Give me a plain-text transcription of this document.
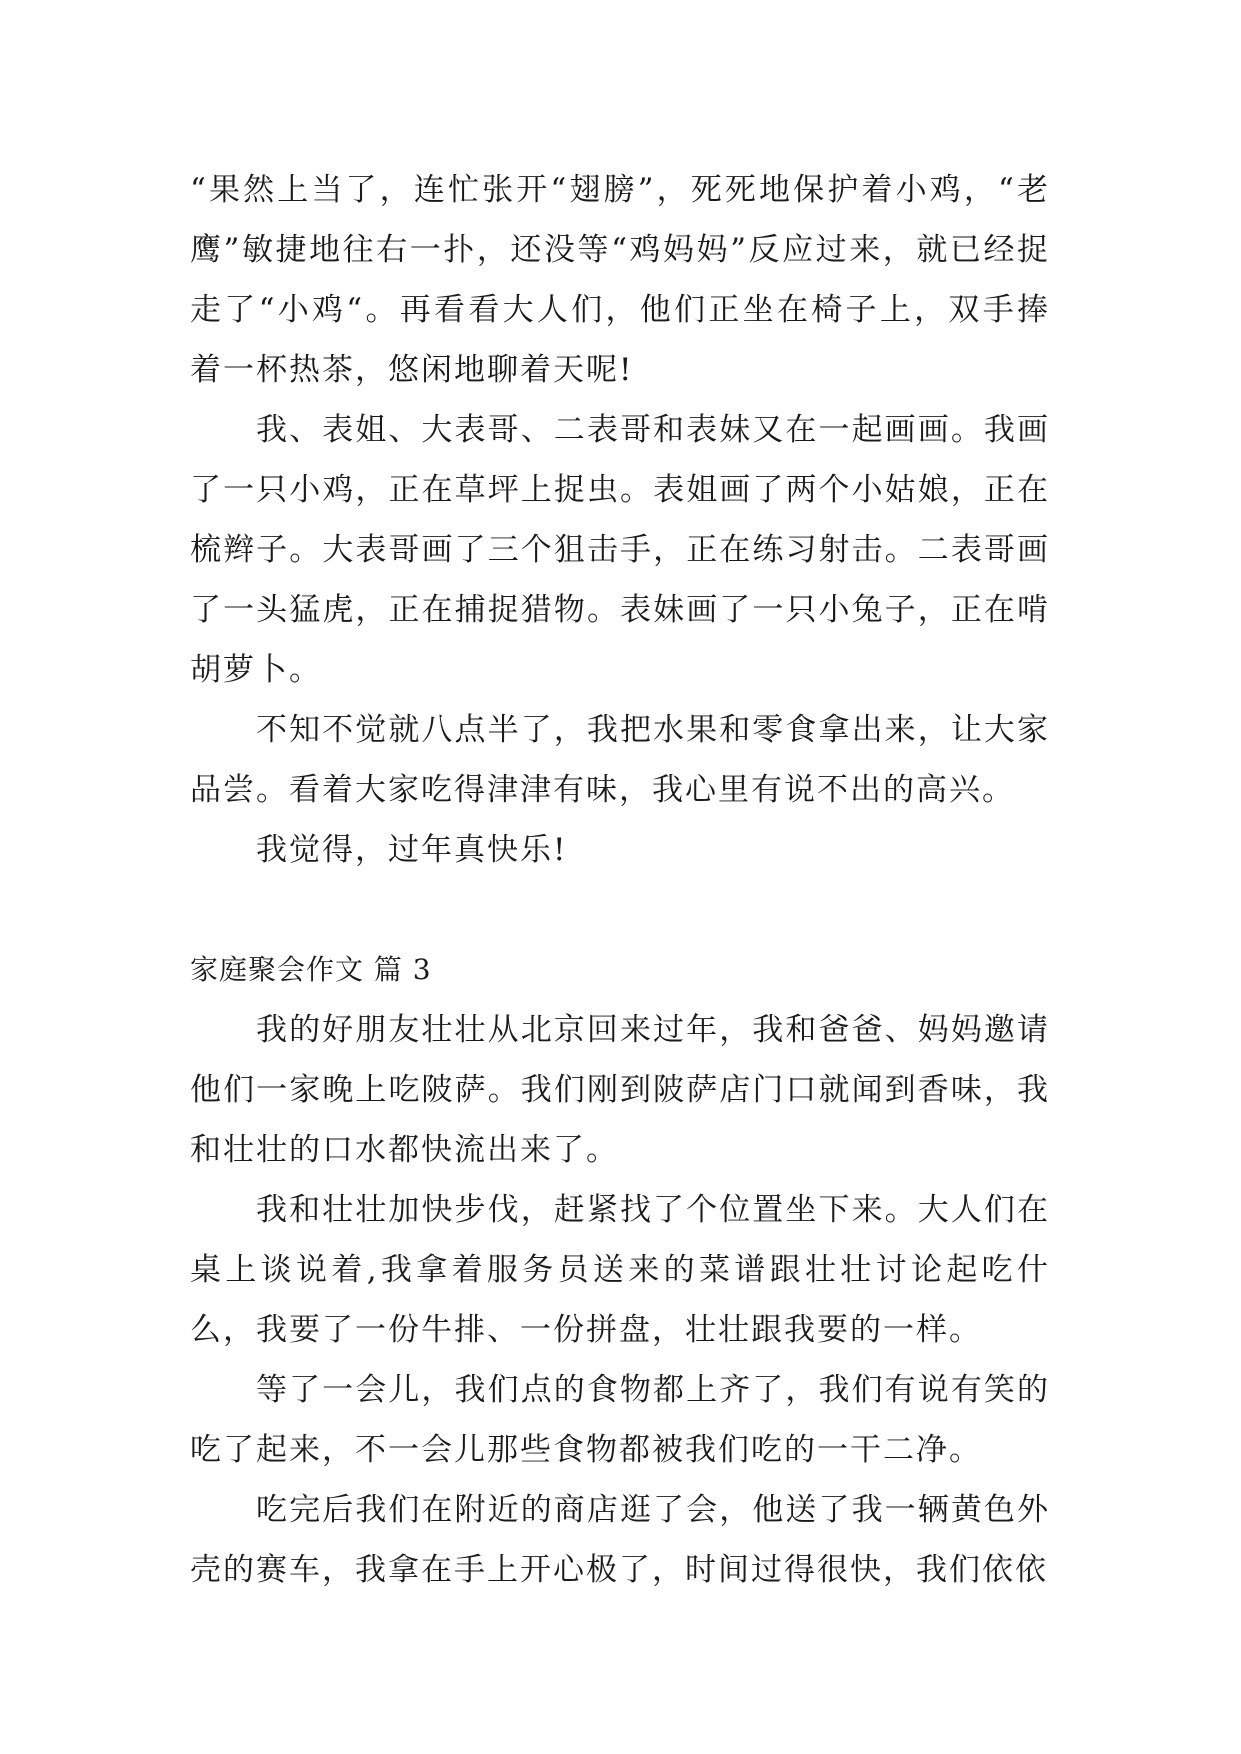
“果然上当了，连忙张开“翅膀”，死死地保护着小鸡，“老鹰”敏捷地往右一扑，还没等“鸡妈妈”反应过来，就已经捉走了“小鸡“。再看看大人们，他们正坐在椅子上，双手捧着一杯热茶，悠闲地聊着天呢!

我、表姐、大表哥、二表哥和表妹又在一起画画。我画了一只小鸡，正在草坪上捉虫。表姐画了两个小姑娘，正在梳辫子。大表哥画了三个狙击手，正在练习射击。二表哥画了一头猛虎，正在捕捉猎物。表妹画了一只小兔子，正在啃胡萝卜。

不知不觉就八点半了，我把水果和零食拿出来，让大家品尝。看着大家吃得津津有味，我心里有说不出的高兴。

我觉得，过年真快乐!

家庭聚会作文 篇 3

我的好朋友壮壮从北京回来过年，我和爸爸、妈妈邀请他们一家晚上吃陂萨。我们刚到陂萨店门口就闻到香味，我和壮壮的口水都快流出来了。

我和壮壮加快步伐，赶紧找了个位置坐下来。大人们在桌上谈说着,我拿着服务员送来的菜谱跟壮壮讨论起吃什么，我要了一份牛排、一份拼盘，壮壮跟我要的一样。

等了一会儿，我们点的食物都上齐了，我们有说有笑的吃了起来，不一会儿那些食物都被我们吃的一干二净。

吃完后我们在附近的商店逛了会，他送了我一辆黄色外壳的赛车，我拿在手上开心极了，时间过得很快，我们依依
